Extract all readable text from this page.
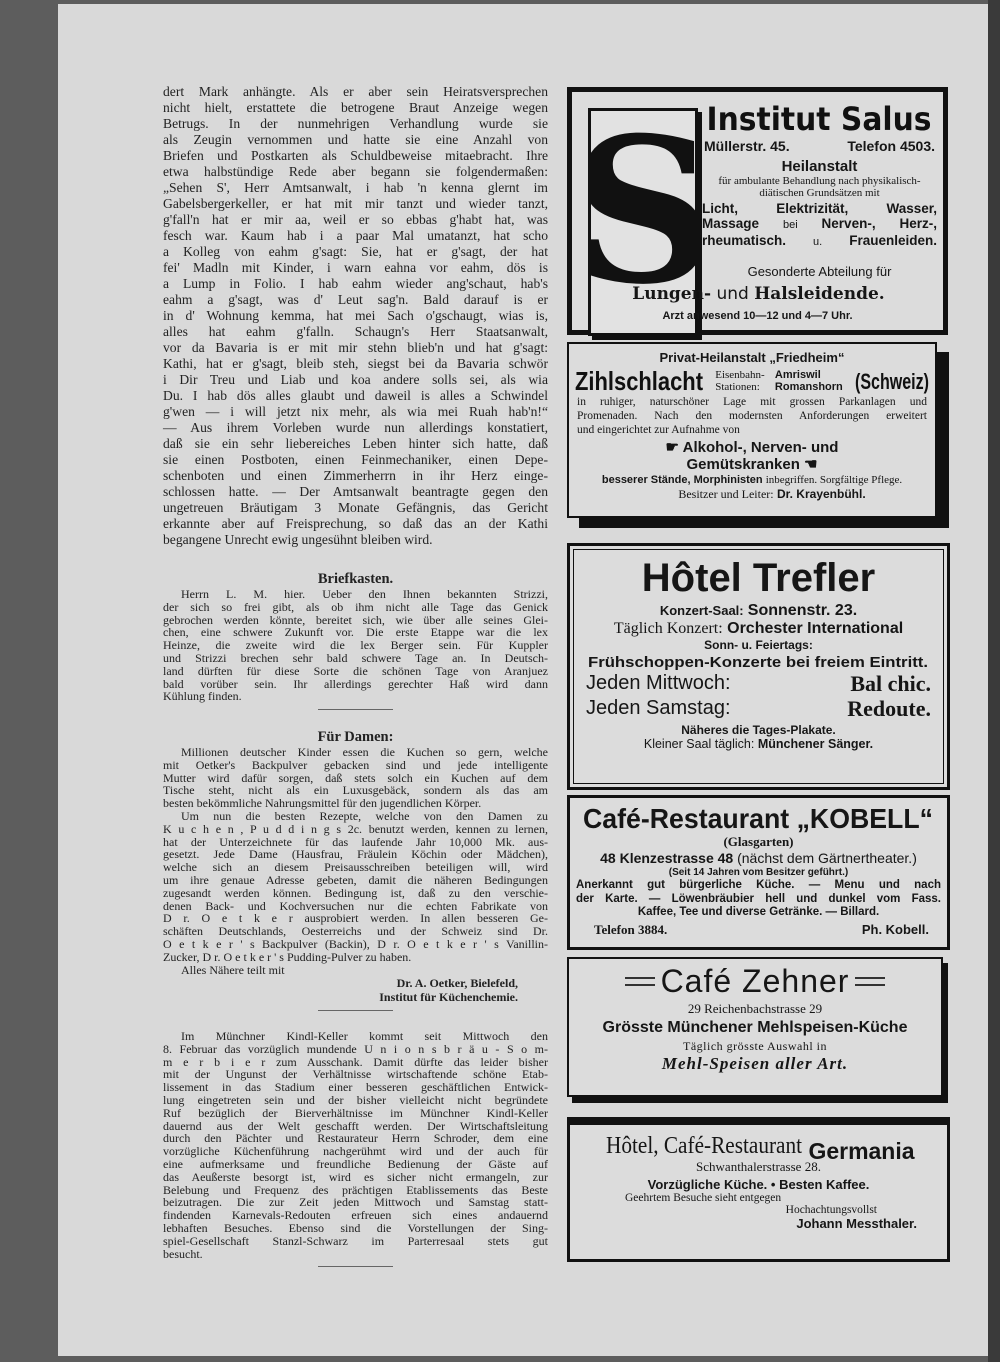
dert Mark anhängte. Als er aber sein Heiratsversprechen
nicht hielt, erstattete die betrogene Braut Anzeige wegen
Betrugs. In der nunmehrigen Verhandlung wurde sie
als Zeugin vernommen und hatte sie eine Anzahl von
Briefen und Postkarten als Schuldbeweise mitaebracht. Ihre
etwa halbstündige Rede aber begann sie folgendermaßen:
„Sehen S', Herr Amtsanwalt, i hab 'n kenna glernt im
Gabelsbergerkeller, er hat mit mir tanzt und wieder tanzt,
g'fall'n hat er mir aa, weil er so ebbas g'habt hat, was
fesch war. Kaum hab i a paar Mal umatanzt, hat scho
a Kolleg von eahm g'sagt: Sie, hat er g'sagt, der hat
fei' Madln mit Kinder, i warn eahna vor eahm, dös is
a Lump in Folio. I hab eahm wieder ang'schaut, hab's
eahm a g'sagt, was d' Leut sag'n. Bald darauf is er
in d' Wohnung kemma, hat mei Sach o'gschaugt, wias is,
alles hat eahm g'falln. Schaugn's Herr Staatsanwalt,
vor da Bavaria is er mit mir stehn blieb'n und hat g'sagt:
Kathi, hat er g'sagt, bleib steh, siegst bei da Bavaria schwör
i Dir Treu und Liab und koa andere solls sei, als wia
Du. I hab dös alles glaubt und daweil is alles a Schwindel
g'wen — i will jetzt nix mehr, als wia mei Ruah hab'n!“
— Aus ihrem Vorleben wurde nun allerdings konstatiert,
daß sie ein sehr liebereiches Leben hinter sich hatte, daß
sie einen Postboten, einen Feinmechaniker, einen Depe-
schenboten und einen Zimmerherrn in ihr Herz einge-
schlossen hatte. — Der Amtsanwalt beantragte gegen den
ungetreuen Bräutigam 3 Monate Gefängnis, das Gericht
erkannte aber auf Freisprechung, so daß das an der Kathi
begangene Unrecht ewig ungesühnt bleiben wird.
Briefkasten.
Herrn L. M. hier. Ueber den Ihnen bekannten Strizzi,
der sich so frei gibt, als ob ihm nicht alle Tage das Genick
gebrochen werden könnte, bereitet sich, wie über alle seines Glei-
chen, eine schwere Zukunft vor. Die erste Etappe war die lex
Heinze, die zweite wird die lex Berger sein. Für Kuppler
und Strizzi brechen sehr bald schwere Tage an. In Deutsch-
land dürften für diese Sorte die schönen Tage von Aranjuez
bald vorüber sein. Ihr allerdings gerechter Haß wird dann
Kühlung finden.
Für Damen:
Millionen deutscher Kinder essen die Kuchen so gern, welche
mit Oetker's Backpulver gebacken sind und jede intelligente
Mutter wird dafür sorgen, daß stets solch ein Kuchen auf dem
Tische steht, nicht als ein Luxusgebäck, sondern als das am
besten bekömmliche Nahrungsmittel für den jugendlichen Körper.
Um nun die besten Rezepte, welche von den Damen zu
K u c h e n , P u d d i n g s 2c. benutzt werden, kennen zu lernen,
hat der Unterzeichnete für das laufende Jahr 10,000 Mk. aus-
gesetzt. Jede Dame (Hausfrau, Fräulein Köchin oder Mädchen),
welche sich an diesem Preisausschreiben beteiligen will, wird
um ihre genaue Adresse gebeten, damit die näheren Bedingungen
zugesandt werden können. Bedingung ist, daß zu den verschie-
denen Back- und Kochversuchen nur die echten Fabrikate von
D r. O e t k e r ausprobiert werden. In allen besseren Ge-
schäften Deutschlands, Oesterreichs und der Schweiz sind Dr.
O e t k e r ' s Backpulver (Backin), D r. O e t k e r ' s Vanillin-
Zucker, D r. O e t k e r ' s Pudding-Pulver zu haben.
Alles Nähere teilt mit
Dr. A. Oetker, Bielefeld,
Institut für Küchenchemie.
Im Münchner Kindl-Keller kommt seit Mittwoch den
8. Februar das vorzüglich mundende U n i o n s b r ä u - S o m-
m e r b i e r zum Ausschank. Damit dürfte das leider bisher
mit der Ungunst der Verhältnisse wirtschaftende schöne Etab-
lissement in das Stadium einer besseren geschäftlichen Entwick-
lung eingetreten sein und der bisher vielleicht nicht begründete
Ruf bezüglich der Bierverhältnisse im Münchner Kindl-Keller
dauernd aus der Welt geschafft werden. Der Wirtschaftsleitung
durch den Pächter und Restaurateur Herrn Schroder, dem eine
vorzügliche Küchenführung nachgerühmt wird und der auch für
eine aufmerksame und freundliche Bedienung der Gäste auf
das Aeußerste besorgt ist, wird es sicher nicht ermangeln, zur
Belebung und Frequenz des prächtigen Etablissements das Beste
beizutragen. Die zur Zeit jeden Mittwoch und Samstag statt-
findenden Karnevals-Redouten erfreuen sich eines andauernd
lebhaften Besuches. Ebenso sind die Vorstellungen der Sing-
spiel-Gesellschaft Stanzl-Schwarz im Parterresaal stets gut
besucht.
S
Institut Salus
Müllerstr. 45.	Telefon 4503.
Heilanstalt
für ambulante Behandlung nach physikalisch-
diätischen Grundsätzen mit
Licht, Elektrizität, Wasser,
Massage bei Nerven-, Herz-,
rheumatisch. u. Frauenleiden.
Gesonderte Abteilung für
Lungen- und Halsleidende.
Arzt anwesend 10—12 und 4—7 Uhr.
Privat-Heilanstalt „Friedheim“
Zihlschlacht Eisenbahn-
Stationen:
Amriswil
Romanshorn (Schweiz)
in ruhiger, naturschöner Lage mit grossen Parkanlagen und
Promenaden. Nach den modernsten Anforderungen erweitert
und eingerichtet zur Aufnahme von
☛ Alkohol-, Nerven- und
Gemütskranken ☚
besserer Stände, Morphinisten inbegriffen. Sorgfältige Pflege.
Besitzer und Leiter: Dr. Krayenbühl.
Hôtel Trefler
Konzert-Saal: Sonnenstr. 23.
Täglich Konzert: Orchester International
Sonn- u. Feiertags:
Frühschoppen-Konzerte bei freiem Eintritt.
Jeden Mittwoch:	Bal chic.
Jeden Samstag:	Redoute.
Näheres die Tages-Plakate.
Kleiner Saal täglich: Münchener Sänger.
Café-Restaurant „KOBELL“
(Glasgarten)
48 Klenzestrasse 48 (nächst dem Gärtnertheater.)
(Seit 14 Jahren vom Besitzer geführt.)
Anerkannt gut bürgerliche Küche. — Menu und nach
der Karte. — Löwenbräubier hell und dunkel vom Fass.
Kaffee, Tee und diverse Getränke. — Billard.
Telefon 3884.	Ph. Kobell.
Café Zehner
29 Reichenbachstrasse 29
Grösste Münchener Mehlspeisen-Küche
Täglich grösste Auswahl in
Mehl-Speisen aller Art.
Hôtel, Café-Restaurant Germania
Schwanthalerstrasse 28.
Vorzügliche Küche. • Besten Kaffee.
Geehrtem Besuche sieht entgegen
Hochachtungsvollst
Johann Messthaler.
